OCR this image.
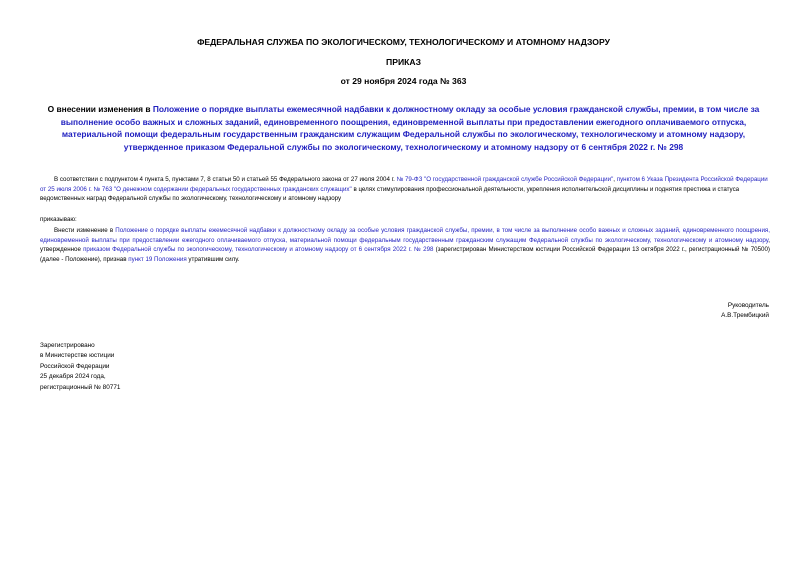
ФЕДЕРАЛЬНАЯ СЛУЖБА ПО ЭКОЛОГИЧЕСКОМУ, ТЕХНОЛОГИЧЕСКОМУ И АТОМНОМУ НАДЗОРУ
ПРИКАЗ
от 29 ноября 2024 года № 363
О внесении изменения в Положение о порядке выплаты ежемесячной надбавки к должностному окладу за особые условия гражданской службы, премии, в том числе за выполнение особо важных и сложных заданий, единовременного поощрения, единовременной выплаты при предоставлении ежегодного оплачиваемого отпуска, материальной помощи федеральным государственным гражданским служащим Федеральной службы по экологическому, технологическому и атомному надзору, утвержденное приказом Федеральной службы по экологическому, технологическому и атомному надзору от 6 сентября 2022 г. № 298
В соответствии с подпунктом 4 пункта 5, пунктами 7, 8 статьи 50 и статьей 55 Федерального закона от 27 июля 2004 г. № 79-ФЗ "О государственной гражданской службе Российской Федерации", пунктом 6 Указа Президента Российской Федерации от 25 июля 2006 г. № 763 "О денежном содержании федеральных государственных гражданских служащих" в целях стимулирования профессиональной деятельности, укрепления исполнительской дисциплины и поднятия престижа и статуса ведомственных наград Федеральной службы по экологическому, технологическому и атомному надзору
приказываю:
Внести изменение в Положение о порядке выплаты ежемесячной надбавки к должностному окладу за особые условия гражданской службы, премии, в том числе за выполнение особо важных и сложных заданий, единовременного поощрения, единовременной выплаты при предоставлении ежегодного оплачиваемого отпуска, материальной помощи федеральным государственным гражданским служащим Федеральной службы по экологическому, технологическому и атомному надзору, утвержденное приказом Федеральной службы по экологическому, технологическому и атомному надзору от 6 сентября 2022 г. № 298 (зарегистрирован Министерством юстиции Российской Федерации 13 октября 2022 г., регистрационный № 70500) (далее - Положение), признав пункт 19 Положения утратившим силу.
Руководитель
А.В.Трембицкий
Зарегистрировано
в Министерстве юстиции
Российской Федерации
25 декабря 2024 года,
регистрационный № 80771
